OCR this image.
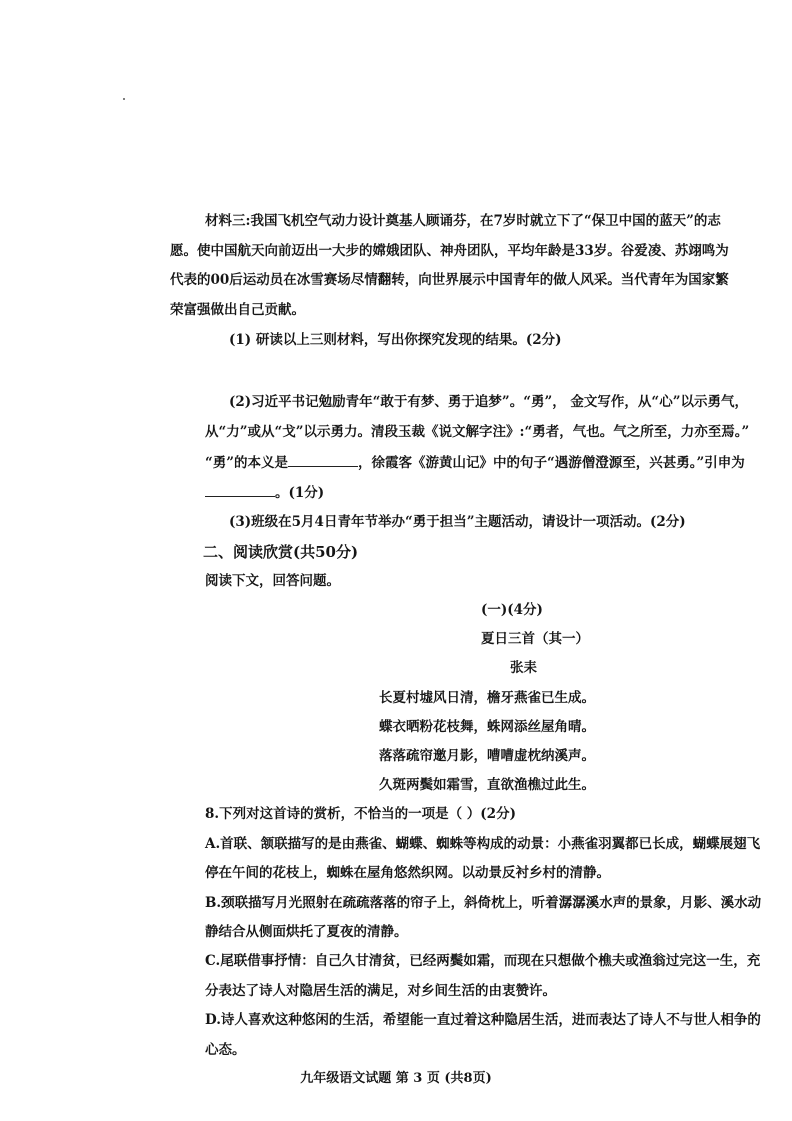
材料三:我国飞机空气动力设计奠基人顾诵芬，在7岁时就立下了“保卫中国的蓝天”的志
愿。使中国航天向前迈出一大步的嫦娥团队、神舟团队，平均年龄是33岁。谷爱凌、苏翊鸣为
代表的00后运动员在冰雪赛场尽情翻转，向世界展示中国青年的做人风采。当代青年为国家繁
荣富强做出自己贡献。
(1) 研读以上三则材料，写出你探究发现的结果。(2分)
(2)习近平书记勉励青年“敢于有梦、勇于追梦”。“勇”， 金文写作，从“心”以示勇气，
从“力”或从“戈”以示勇力。清段玉裁《说文解字注》:“勇者，气也。气之所至，力亦至焉。”
“勇”的本义是	，徐霞客《游黄山记》中的句子“遇游僧澄源至，兴甚勇。”引申为
。(1分)
(3)班级在5月4日青年节举办“勇于担当”主题活动，请设计一项活动。(2分)
二、阅读欣赏(共50分)
阅读下文，回答问题。
(一)(4分)
夏日三首（其一）
张耒
长夏村墟风日清，檐牙燕雀已生成。
蝶衣晒粉花枝舞，蛛网添丝屋角晴。
落落疏帘邀月影，嘈嘈虚枕纳溪声。
久斑两鬓如霜雪，直欲渔樵过此生。
8.下列对这首诗的赏析，不恰当的一项是（ ）(2分)
A.首联、颔联描写的是由燕雀、蝴蝶、蜘蛛等构成的动景：小燕雀羽翼都已长成，蝴蝶展翅飞
停在午间的花枝上，蜘蛛在屋角悠然织网。以动景反衬乡村的清静。
B.颈联描写月光照射在疏疏落落的帘子上，斜倚枕上，听着潺潺溪水声的景象，月影、溪水动
静结合从侧面烘托了夏夜的清静。
C.尾联借事抒情：自己久甘清贫，已经两鬓如霜，而现在只想做个樵夫或渔翁过完这一生，充
分表达了诗人对隐居生活的满足，对乡间生活的由衷赞许。
D.诗人喜欢这种悠闲的生活，希望能一直过着这种隐居生活，进而表达了诗人不与世人相争的
心态。
九年级语文试题 第 3 页 (共8页)
